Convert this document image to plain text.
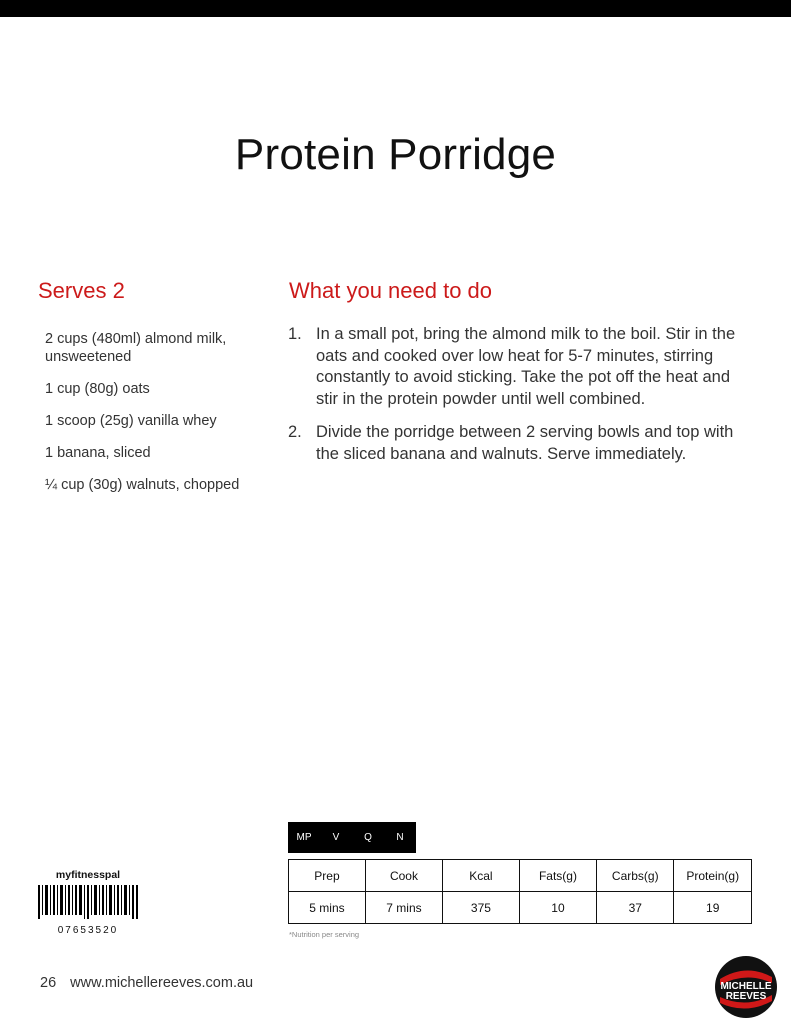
Protein Porridge
Serves 2
2 cups (480ml) almond milk, unsweetened
1 cup (80g) oats
1 scoop (25g) vanilla whey
1 banana, sliced
¼ cup (30g) walnuts, chopped
What you need to do
1. In a small pot, bring the almond milk to the boil. Stir in the oats and cooked over low heat for 5-7 minutes, stirring constantly to avoid sticking. Take the pot off the heat and stir in the protein powder until well combined.
2. Divide the porridge between 2 serving bowls and top with the sliced banana and walnuts. Serve immediately.
MP	V	Q	N
Prep	Cook	Kcal	Fats(g)	Carbs(g)	Protein(g)
5 mins	7 mins	375	10	37	19
*Nutrition per serving
myfitnesspal
07653520
26 www.michellereeves.com.au	MICHELLE
REEVES
